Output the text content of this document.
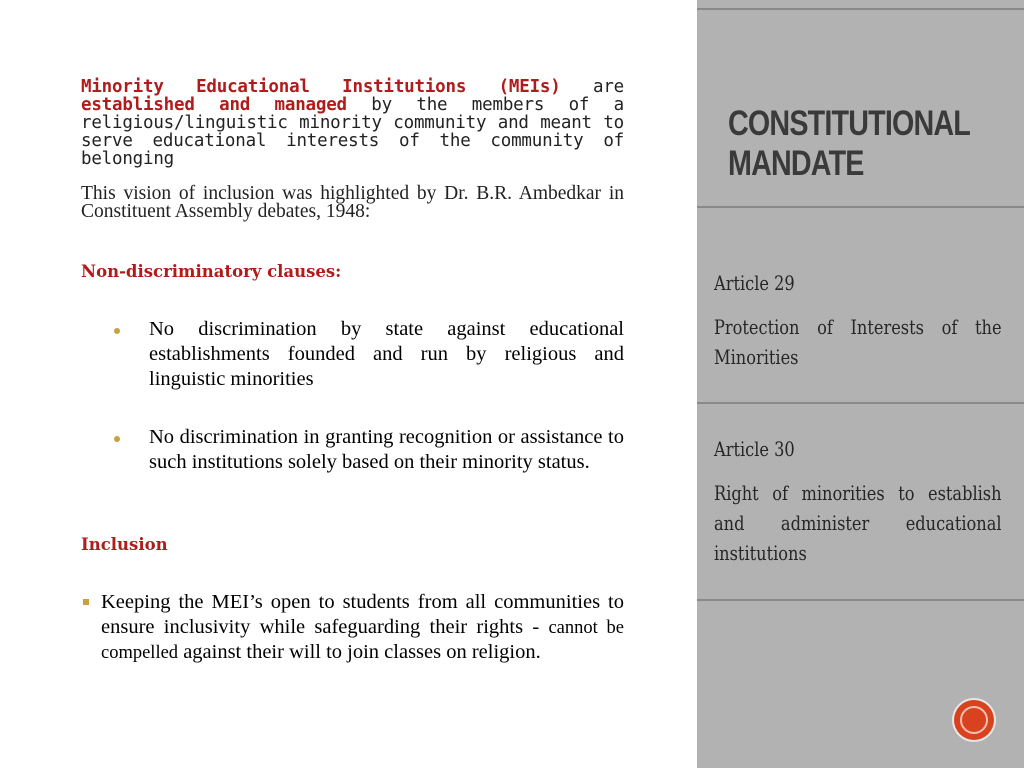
Minority Educational Institutions (MEIs) are established and managed by the members of a religious/linguistic minority community and meant to serve educational interests of the community of belonging

This vision of inclusion was highlighted by Dr. B.R. Ambedkar in Constituent Assembly debates, 1948:

Non-discriminatory clauses:

No discrimination by state against educational establishments founded and run by religious and linguistic minorities
No discrimination in granting recognition or assistance to such institutions solely based on their minority status.

Inclusion

Keeping the MEI’s open to students from all communities to ensure inclusivity while safeguarding their rights - cannot be compelled against their will to join classes on religion.
CONSTITUTIONAL MANDATE
Article 29
Protection of Interests of the Minorities
Article 30
Right of minorities to establish and administer educational institutions
